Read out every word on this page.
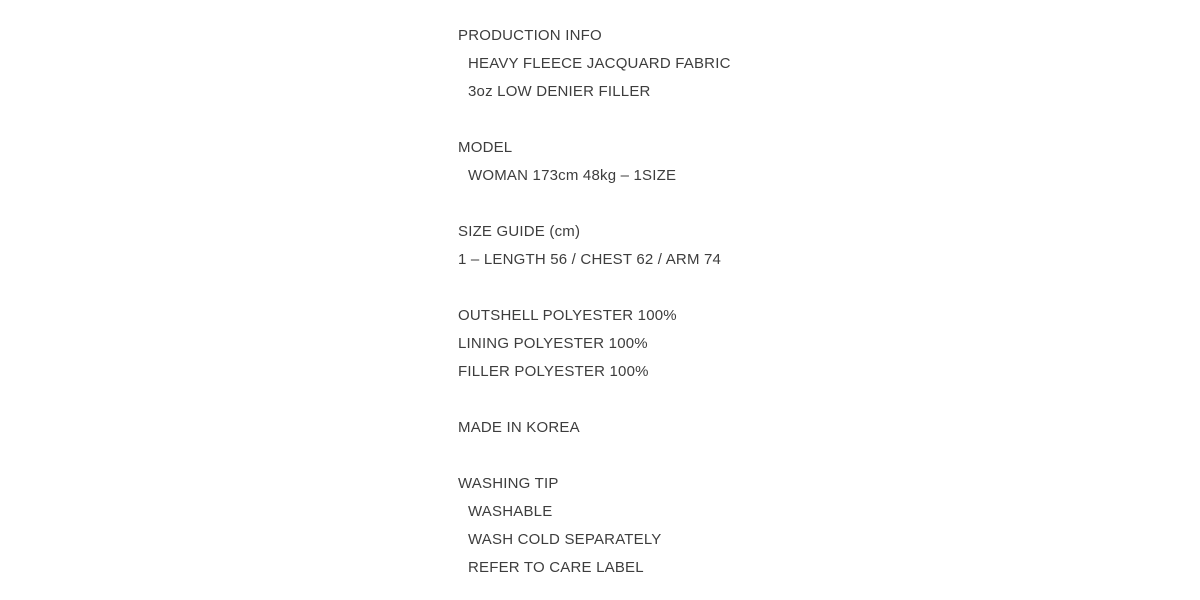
PRODUCTION INFO
HEAVY FLEECE JACQUARD FABRIC
3oz LOW DENIER FILLER
MODEL
WOMAN 173cm 48kg – 1SIZE
SIZE GUIDE (cm)
1 – LENGTH 56 / CHEST 62 / ARM 74
OUTSHELL POLYESTER 100%
LINING POLYESTER 100%
FILLER POLYESTER 100%
MADE IN KOREA
WASHING TIP
WASHABLE
WASH COLD SEPARATELY
REFER TO CARE LABEL
